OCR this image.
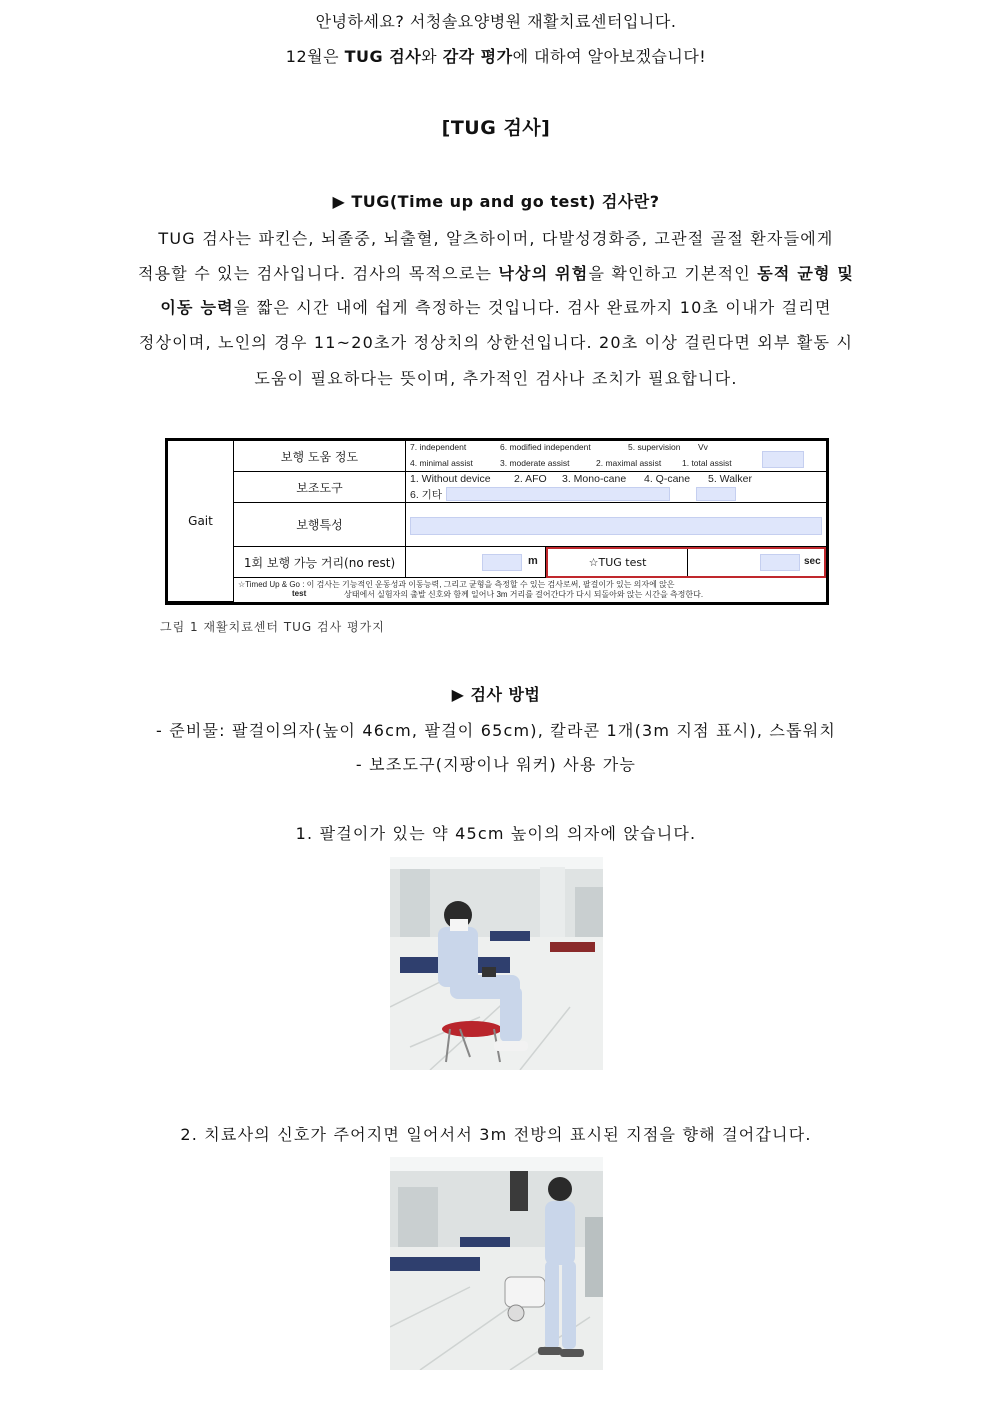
안녕하세요? 서청솔요양병원 재활치료센터입니다.
12월은 TUG 검사와 감각 평가에 대하여 알아보겠습니다!
[TUG 검사]
▶ TUG(Time up and go test) 검사란?
TUG 검사는 파킨슨, 뇌졸중, 뇌출혈, 알츠하이머, 다발성경화증, 고관절 골절 환자들에게
적용할 수 있는 검사입니다. 검사의 목적으로는 낙상의 위험을 확인하고 기본적인 동적 균형 및
이동 능력을 짧은 시간 내에 쉽게 측정하는 것입니다. 검사 완료까지 10초 이내가 걸리면
정상이며, 노인의 경우 11~20초가 정상치의 상한선입니다. 20초 이상 걸린다면 외부 활동 시
도움이 필요하다는 뜻이며, 추가적인 검사나 조치가 필요합니다.
Gait
보행 도움 정도
7. independent	6. modified independent	5. supervision Vv
4. minimal assist	3. moderate assist	2. maximal assist 1. total assist
보조도구
1. Without device 2. AFO 3. Mono-cane 4. Q-cane 5. Walker
6. 기타
보행특성
1회 보행 가능 거리(no rest)	m	☆TUG test	sec
☆Timed Up & Go : 이 검사는 기능적인 운동성과 이동능력, 그리고 균형을 측정할 수 있는 검사로써, 팔걸이가 있는 의자에 앉은
test	상태에서 실험자의 출발 신호와 함께 일어나 3m 거리를 걸어간다가 다시 되돌아와 앉는 시간을 측정한다.
그림 1 재활치료센터 TUG 검사 평가지
▶ 검사 방법
- 준비물: 팔걸이의자(높이 46cm, 팔걸이 65cm), 칼라콘 1개(3m 지점 표시), 스톱워치
- 보조도구(지팡이나 워커) 사용 가능
1. 팔걸이가 있는 약 45cm 높이의 의자에 앉습니다.
2. 치료사의 신호가 주어지면 일어서서 3m 전방의 표시된 지점을 향해 걸어갑니다.
